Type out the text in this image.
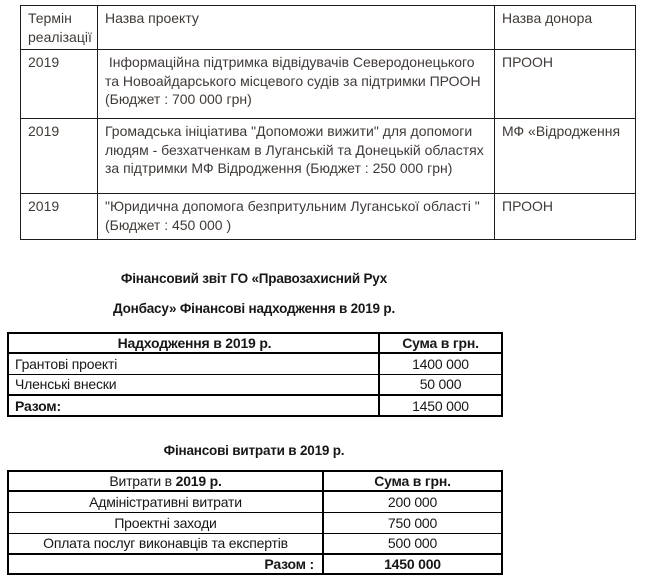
Термін реалізації	Назва проекту	Назва донора
2019	Інформаційна підтримка відвідувачів Северодонецького та Новоайдарського місцевого судів за підтримки ПРООН (Бюджет : 700 000 грн)	ПРООН
2019	Громадська ініціатива "Допоможи вижити" для допомоги людям - безхатченкам в Луганській та Донецькій областях за підтримки МФ Відродження (Бюджет : 250 000 грн)	МФ «Відродження
2019	"Юридична допомога безпритульним Луганської області " (Бюджет : 450 000 )	ПРООН
Фінансовий звіт ГО «Правозахисний Рух
Донбасу» Фінансові надходження в 2019 р.
Надходження в 2019 р.	Сума в грн.
Грантові проекті	1400 000
Членські внески	50 000
Разом:	1450 000
Фінансові витрати в 2019 р.
Витрати в 2019 р.	Сума в грн.
Адміністративні витрати	200 000
Проектні заходи	750 000
Оплата послуг виконавців та експертів	500 000
Разом :	1450 000
